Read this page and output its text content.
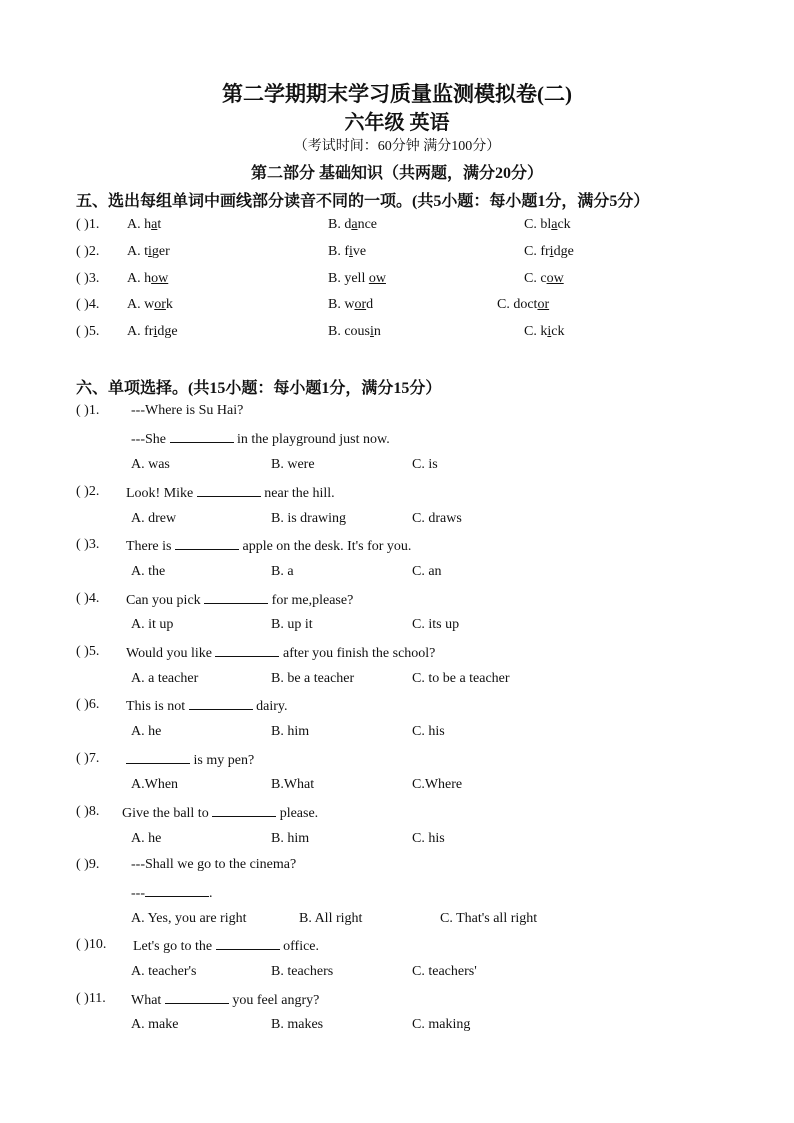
第二学期期末学习质量监测模拟卷(二)
六年级 英语
（考试时间：60分钟 满分100分）
第二部分 基础知识（共两题，满分20分）
五、选出每组单词中画线部分读音不同的一项。(共5小题：每小题1分，满分5分）
( )1. A. hat	B. dance	C. black
( )2. A. tiger	B. five	C. fridge
( )3. A. how	B. yell ow	C. cow
( )4. A. work	B. word	C. doctor
( )5. A. fridge	B. cousin	C. kick
六、单项选择。(共15小题：每小题1分，满分15分）
( )1. ---Where is Su Hai?
---She	in the playground just now.
A. was	B. were	C. is
( )2. Look! Mike	near the hill.
A. drew	B. is drawing	C. draws
( )3. There is	apple on the desk. It's for you.
A. the	B. a	C. an
( )4. Can you pick	for me,please?
A. it up	B. up it	C. its up
( )5. Would you like	after you finish the school?
A. a teacher	B. be a teacher	C. to be a teacher
( )6. This is not	dairy.
A. he	B. him	C. his
( )7.	is my pen?
A.When	B.What	C.Where
( )8. Give the ball to	please.
A. he	B. him	C. his
( )9. ---Shall we go to the cinema?
---	.
A. Yes, you are right	B. All right	C. That's all right
( )10. Let's go to the	office.
A. teacher's	B. teachers	C. teachers'
( )11. What	you feel angry?
A. make	B. makes	C. making
